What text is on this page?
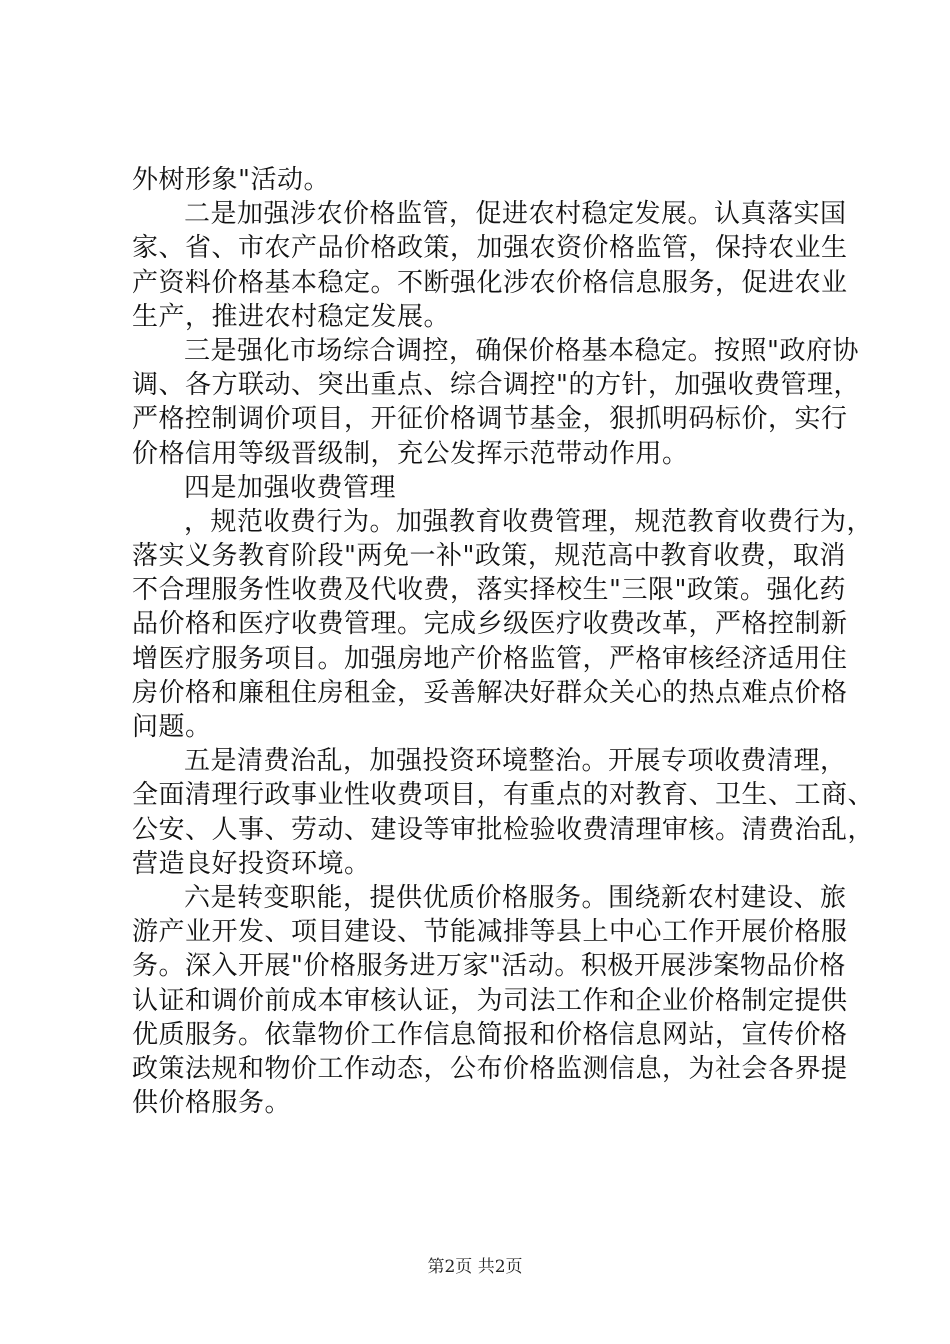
外树形象"活动。
二是加强涉农价格监管，促进农村稳定发展。认真落实国
家、省、市农产品价格政策，加强农资价格监管，保持农业生
产资料价格基本稳定。不断强化涉农价格信息服务，促进农业
生产，推进农村稳定发展。
三是强化市场综合调控，确保价格基本稳定。按照"政府协
调、各方联动、突出重点、综合调控"的方针，加强收费管理，
严格控制调价项目，开征价格调节基金，狠抓明码标价，实行
价格信用等级晋级制，充公发挥示范带动作用。
四是加强收费管理
，规范收费行为。加强教育收费管理，规范教育收费行为，
落实义务教育阶段"两免一补"政策，规范高中教育收费，取消
不合理服务性收费及代收费，落实择校生"三限"政策。强化药
品价格和医疗收费管理。完成乡级医疗收费改革，严格控制新
增医疗服务项目。加强房地产价格监管，严格审核经济适用住
房价格和廉租住房租金，妥善解决好群众关心的热点难点价格
问题。
五是清费治乱，加强投资环境整治。开展专项收费清理，
全面清理行政事业性收费项目，有重点的对教育、卫生、工商、
公安、人事、劳动、建设等审批检验收费清理审核。清费治乱，
营造良好投资环境。
六是转变职能，提供优质价格服务。围绕新农村建设、旅
游产业开发、项目建设、节能减排等县上中心工作开展价格服
务。深入开展"价格服务进万家"活动。积极开展涉案物品价格
认证和调价前成本审核认证，为司法工作和企业价格制定提供
优质服务。依靠物价工作信息简报和价格信息网站，宣传价格
政策法规和物价工作动态，公布价格监测信息，为社会各界提
供价格服务。
第2页 共2页
